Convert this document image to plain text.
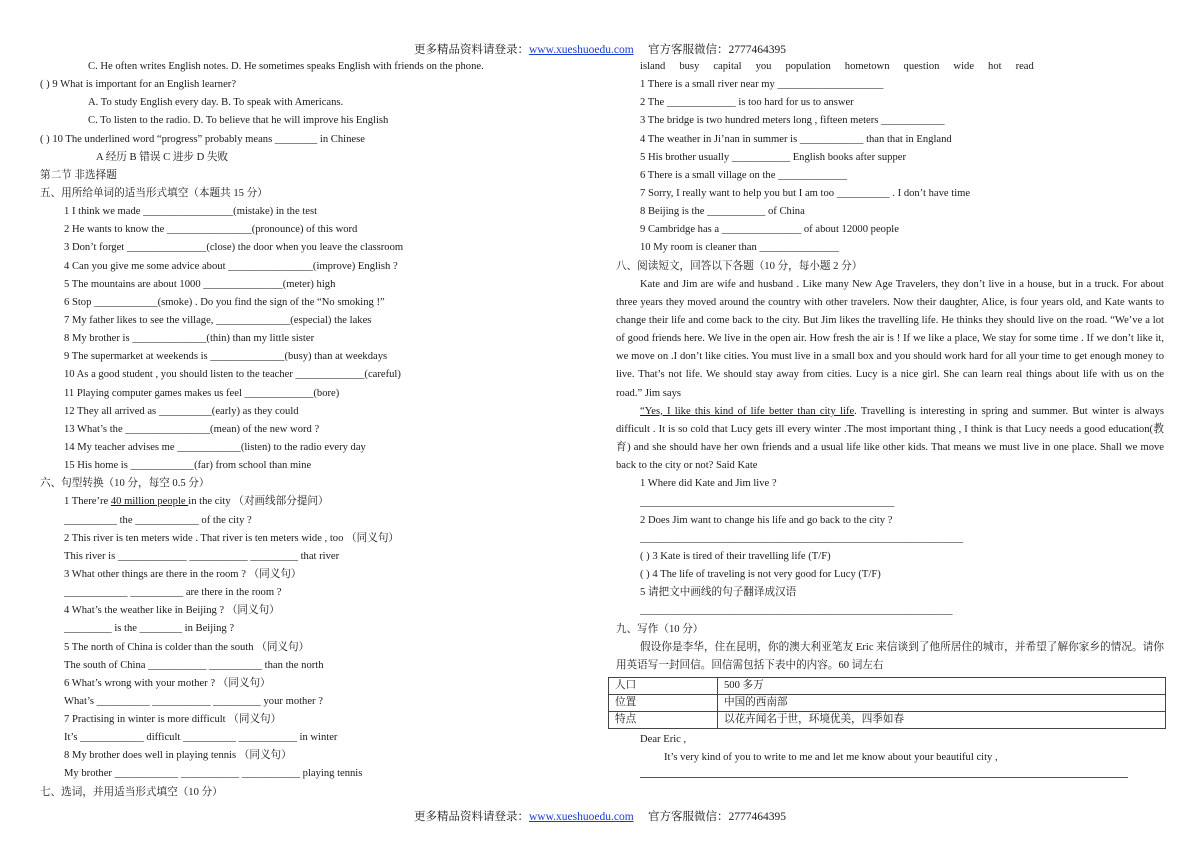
更多精品资料请登录：www.xueshuoedu.com 官方客服微信：2777464395
C. He often writes English notes. D. He sometimes speaks English with friends on the phone.
( ) 9 What is important for an English learner?
A. To study English every day. B. To speak with Americans.
C. To listen to the radio. D. To believe that he will improve his English
( ) 10 The underlined word “progress” probably means ________ in Chinese
A 经历 B 错误 C 进步 D 失败
第二节 非选择题
五、用所给单词的适当形式填空（本题共 15 分）
1 I think we made _________________(mistake) in the test
2 He wants to know the ________________(pronounce) of this word
3 Don’t forget _______________(close) the door when you leave the classroom
4 Can you give me some advice about ________________(improve) English ?
5 The mountains are about 1000 _______________(meter) high
6 Stop ____________(smoke) . Do you find the sign of the “No smoking !”
7 My father likes to see the village, ______________(especial) the lakes
8 My brother is ______________(thin) than my little sister
9 The supermarket at weekends is ______________(busy) than at weekdays
10 As a good student , you should listen to the teacher _____________(careful)
11 Playing computer games makes us feel _____________(bore)
12 They all arrived as __________(early) as they could
13 What’s the ________________(mean) of the new word ?
14 My teacher advises me ____________(listen) to the radio every day
15 His home is ____________(far) from school than mine
六、句型转换（10 分，每空 0.5 分）
1 There’re 40 million people in the city （对画线部分提问）
__________ the ____________ of the city ?
2 This river is ten meters wide . That river is ten meters wide , too （同义句）
This river is _____________ ___________ _________ that river
3 What other things are there in the room ? （同义句）
____________ __________ are there in the room ?
4 What’s the weather like in Beijing ? （同义句）
_________ is the ________ in Beijing ?
5 The north of China is colder than the south （同义句）
The south of China ___________ __________ than the north
6 What’s wrong with your mother ? （同义句）
What’s __________ ___________ _________ your mother ?
7 Practising in winter is more difficult （同义句）
It’s ____________ difficult __________ ___________ in winter
8 My brother does well in playing tennis （同义句）
My brother ____________ ___________ ___________ playing tennis
七、选词，并用适当形式填空（10 分）
island busy capital you population hometown question wide hot read
1 There is a small river near my ____________________
2 The _____________ is too hard for us to answer
3 The bridge is two hundred meters long , fifteen meters ____________
4 The weather in Ji’nan in summer is ____________ than that in England
5 His brother usually ___________ English books after supper
6 There is a small village on the _____________
7 Sorry, I really want to help you but I am too __________ . I don’t have time
8 Beijing is the ___________ of China
9 Cambridge has a _______________ of about 12000 people
10 My room is cleaner than _______________
八、阅读短文，回答以下各题（10 分，每小题 2 分）
Kate and Jim are wife and husband . Like many New Age Travelers, they don’t live in a house, but in a truck. For about three years they moved around the country with other travelers. Now their daughter, Alice, is four years old, and Kate wants to change their life and come back to the city. But Jim likes the travelling life. He thinks they should live on the road. “We’ve a lot of good friends here. We live in the open air. How fresh the air is ! If we like a place, We stay for some time . If we don’t like it, we move on .I don’t like cities. You must live in a small box and you should work hard for all your time to get enough money to live. That’s not life. We should stay away from cities. Lucy is a nice girl. She can learn real things about life with us on the road.” Jim says
“Yes, I like this kind of life better than city life. Travelling is interesting in spring and summer. But winter is always difficult . It is so cold that Lucy gets ill every winter .The most important thing , I think is that Lucy needs a good education(教育) and she should have her own friends and a usual life like other kids. That means we must live in one place. Shall we move back to the city or not? Said Kate
1 Where did Kate and Jim live ?
________________________________________________
2 Does Jim want to change his life and go back to the city ?
_____________________________________________________________
( ) 3 Kate is tired of their travelling life (T/F)
( ) 4 The life of traveling is not very good for Lucy (T/F)
5 请把文中画线的句子翻译成汉语
___________________________________________________________
九、写作（10 分）
假设你是李华，住在昆明，你的澳大利亚笔友 Eric 来信谈到了他所居住的城市，并希望了解你家乡的情况。请你用英语写一封回信。回信需包括下表中的内容。60 词左右
人口	500 多万
位置	中国的西南部
特点	以花卉闻名于世，环境优美，四季如春
Dear Eric ,
It’s very kind of you to write to me and let me know about your beautiful city ,
更多精品资料请登录：www.xueshuoedu.com 官方客服微信：2777464395
